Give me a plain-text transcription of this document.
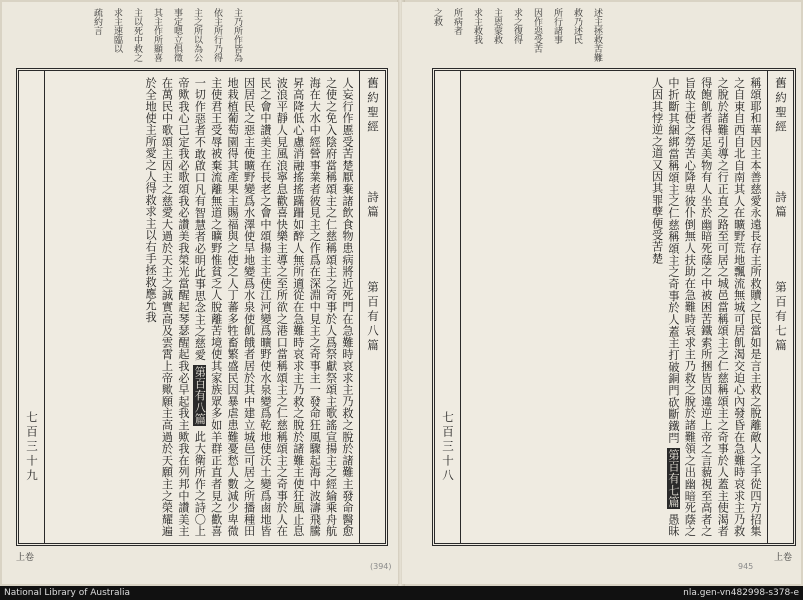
主乃所作皆為
依主所行乃得
主之所以為公
事定嗯立俱徵
其主作所顯喜
主以死中救之
求主速臨以
疏約言
舊約聖經
詩篇
第百有八篇
人妄行作慝受苦楚厭棄諸飲食物患病將近死門在急難時哀求主乃救之脫於諸難主發命醫愈之使之免入陰府當稱頌主之仁慈稱頌主之奇事於人爲祭獻祭頌主歌謠宣揚主之經綸乘舟航海在大水中經營事業者彼見主之作爲在深淵中見主之奇事主一發命狂風驟起海中波濤飛騰昇高降低心慮消融搖搖蹣跚如醉人無所適從在急難時哀求主乃救之脫於諸難主使狂風止息波浪平靜人見風浪寧息歡喜快樂主導之至所欲之港口當稱頌主之仁慈稱頌主之奇事於人在民之會中讚美主在長老之會中頌揚主主使江河變爲曠野使水泉變爲乾地使沃土變爲鹵地皆因居民之惡主使曠野變爲水澤使旱地變爲水泉使飢餓者居於其中建立城邑可居之所播種田地栽植葡萄園得其產果主賜福與之使之人丁蕃多牲畜繁盛民因暴虐患難憂愁人數減少卑微主使君王受辱被棄流離無道之曠野惟貧乏人脫離苦境使其家族眾多如羊群正直者見之歡喜一切作惡者不敢啟口凡有智慧者必明此事思念主之慈愛 第百有八篇 此大衛所作之詩〇上帝歟我心已定我必歌頌我必讚美我榮光當醒起琴瑟醒起我必早起我主歟我在列邦中讚美主在萬民中歌頌主因主之慈愛大過於天主之誠實高及雲霄上帝歟願主高過於天願主之榮耀遍於全地使主所愛之人得救求主以右手拯救應允我
七百三十九
上卷
(394)
述主拯救苦難
救乃述民
所行諸事
因作惡受苦
求之復得
主恩蒙救
求主救我
所病者
之救
舊約聖經
詩篇
第百有七篇
稱頌耶和華因主本善慈愛永遠長存主所救贖之民當如是言主救之脫離敵人之手從四方招集之自東自西自北自南其人在曠野荒地飄流無城可居飢渴交迫心內發昏在急難時哀求主乃救之脫於諸難引導之行正直之路至可居之城邑當稱頌主之仁慈稱頌主之奇事於人蓋主使渴者得飽飢者得足美物有人坐於幽暗死蔭之中被困苦鐵索所捆皆因違逆上帝之言藐視至高者之旨故主使之勞苦心降卑彼仆倒無人扶助在急難時哀求主乃救之脫於諸難領之出幽暗死蔭之中折斷其綑綁當稱頌主之仁慈稱頌主之奇事於人蓋主打破銅門砍斷鐵閂 第百有七篇 愚昧人因其悖逆之道又因其罪孽便受苦楚
七百三十八
上卷
945
National Library of Australia	nla.gen-vn482998-s378-e
